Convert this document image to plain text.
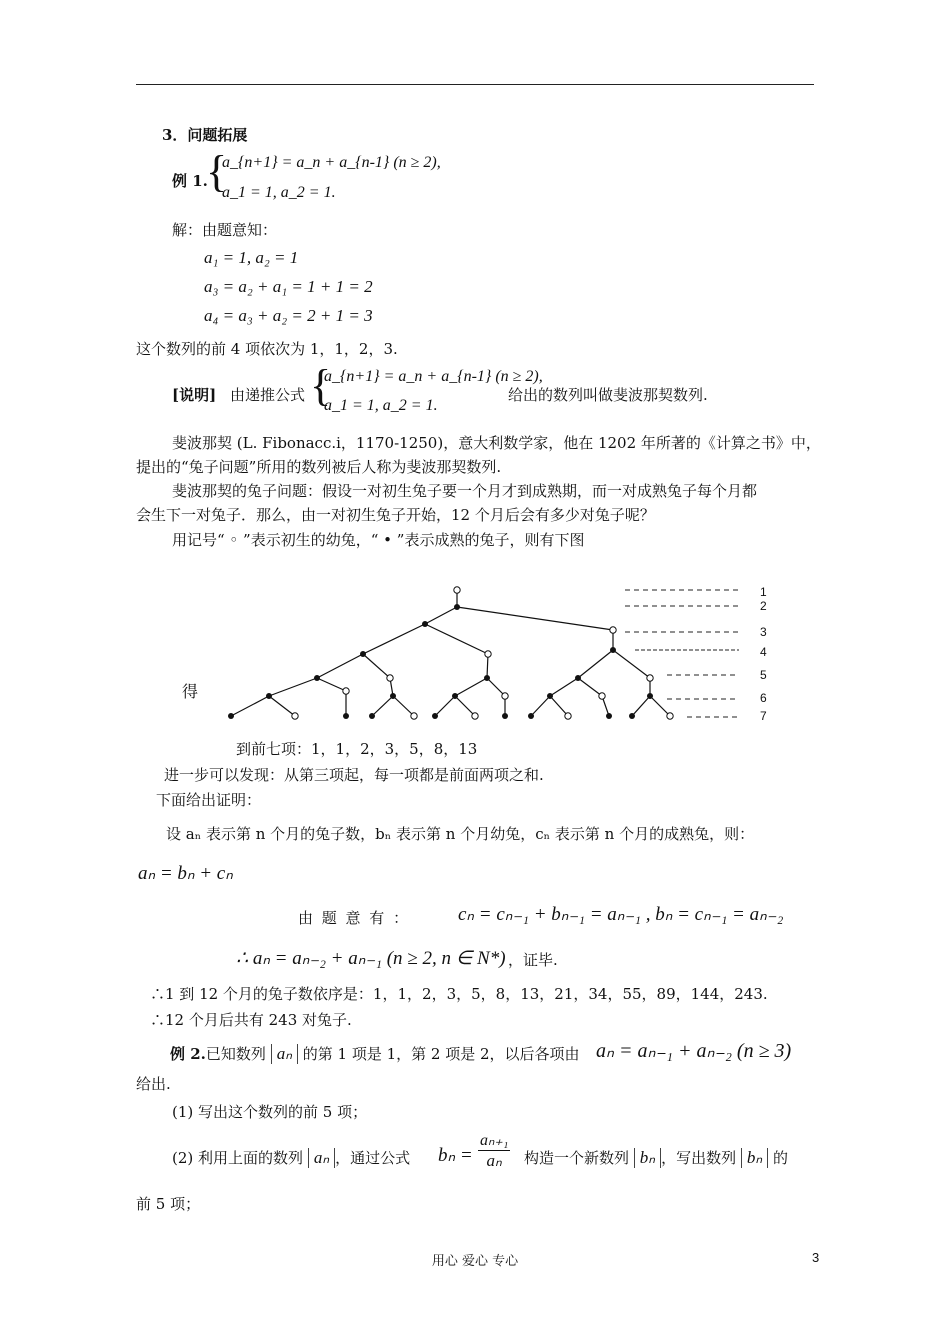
3．问题拓展
例 1.
{
a_{n+1} = a_n + a_{n-1} (n ≥ 2),
a_1 = 1, a_2 = 1.
解：由题意知：
a₁ = 1, a₂ = 1
a₃ = a₂ + a₁ = 1 + 1 = 2
a₄ = a₃ + a₂ = 2 + 1 = 3
这个数列的前 4 项依次为 1，1，2，3.
[说明] 由递推公式 {
a_{n+1} = a_n + a_{n-1} (n ≥ 2),
a_1 = 1, a_2 = 1.
给出的数列叫做斐波那契数列.
斐波那契 (L. Fibonacc.i，1170-1250)，意大利数学家，他在 1202 年所著的《计算之书》中，
提出的“兔子问题”所用的数列被后人称为斐波那契数列.
斐波那契的兔子问题：假设一对初生兔子要一个月才到成熟期，而一对成熟兔子每个月都
会生下一对兔子．那么，由一对初生兔子开始，12 个月后会有多少对兔子呢？
用记号“ ◦ ”表示初生的幼兔，“ • ”表示成熟的兔子，则有下图
得
1
2
3
4
5
6
7
到前七项：1，1，2，3，5，8，13
进一步可以发现：从第三项起，每一项都是前面两项之和.
下面给出证明：
设 aₙ 表示第 n 个月的兔子数，bₙ 表示第 n 个月幼兔，cₙ 表示第 n 个月的成熟兔，则：
aₙ = bₙ + cₙ
由 题 意 有 ：	cₙ = cₙ₋₁ + bₙ₋₁ = aₙ₋₁ , bₙ = cₙ₋₁ = aₙ₋₂
∴ aₙ = aₙ₋₂ + aₙ₋₁ (n ≥ 2, n ∈ N*) ，证毕.
∴1 到 12 个月的兔子数依序是：1，1，2，3，5，8，13，21，34，55，89，144，243.
∴12 个月后共有 243 对兔子.
例 2.已知数列 aₙ 的第 1 项是 1，第 2 项是 2，以后各项由 aₙ = aₙ₋₁ + aₙ₋₂ (n ≥ 3)
给出.
(1) 写出这个数列的前 5 项；
(2) 利用上面的数列 aₙ ，通过公式 $b_n = \frac{\text{aₙ₊₁}}{\text{aₙ}}$ 构造一个新数列 bₙ ，写出数列 bₙ 的
前 5 项；
用心 爱心 专心	3
